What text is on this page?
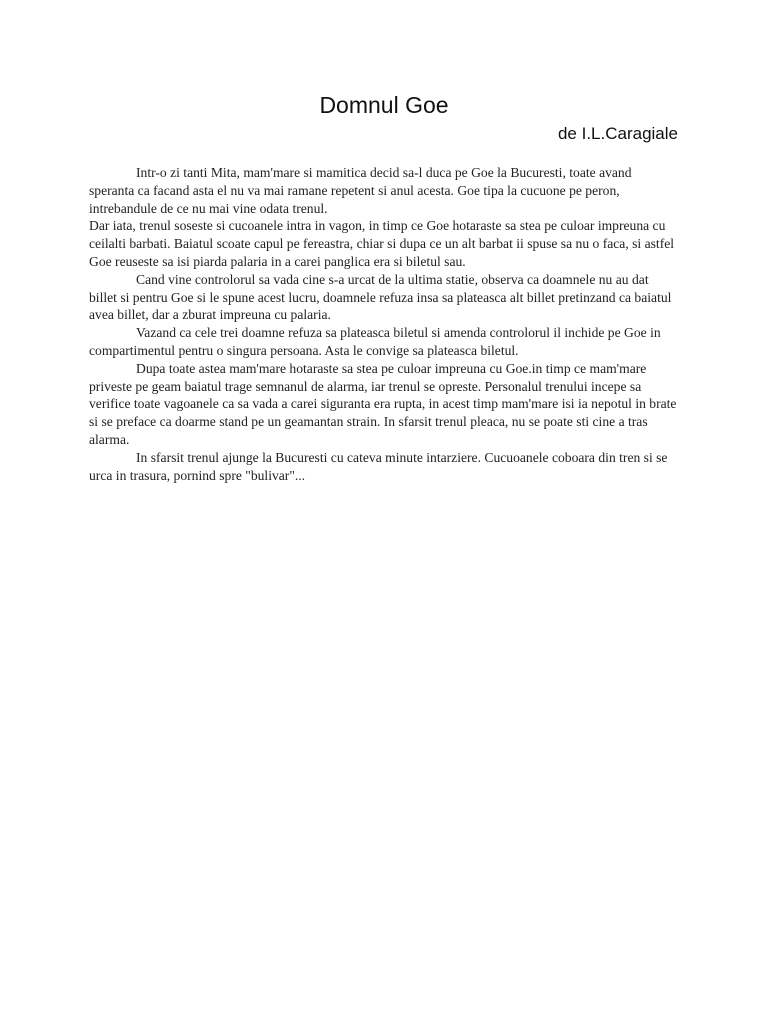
Domnul Goe
de I.L.Caragiale

Intr-o zi tanti Mita, mam'mare si mamitica decid sa-l duca pe Goe la Bucuresti, toate avand speranta ca facand asta el nu va mai ramane repetent si anul acesta. Goe tipa la cucuone pe peron, intrebandule de ce nu mai vine odata trenul.

Dar iata, trenul soseste si cucoanele intra in vagon, in timp ce Goe hotaraste sa stea pe culoar impreuna cu ceilalti barbati. Baiatul scoate capul pe fereastra, chiar si dupa ce un alt barbat ii spuse sa nu o faca, si astfel Goe reuseste sa isi piarda palaria in a carei panglica era si biletul sau.

Cand vine controlorul sa vada cine s-a urcat de la ultima statie, observa ca doamnele nu au dat billet si pentru Goe si le spune acest lucru, doamnele refuza insa sa plateasca alt billet pretinzand ca baiatul avea billet, dar a zburat impreuna cu palaria.

Vazand ca cele trei doamne refuza sa plateasca biletul si amenda controlorul il inchide pe Goe in compartimentul pentru o singura persoana. Asta le convige sa plateasca biletul.

Dupa toate astea mam'mare hotaraste sa stea pe culoar impreuna cu Goe.in timp ce mam'mare priveste pe geam baiatul trage semnanul de alarma, iar trenul se opreste. Personalul trenului incepe sa verifice toate vagoanele ca sa vada a carei siguranta era rupta, in acest timp mam'mare isi ia nepotul in brate si se preface ca doarme stand pe un geamantan strain. In sfarsit trenul pleaca, nu se poate sti cine a tras alarma.

In sfarsit trenul ajunge la Bucuresti cu cateva minute intarziere. Cucuoanele coboara din tren si se urca in trasura, pornind spre "bulivar"...
